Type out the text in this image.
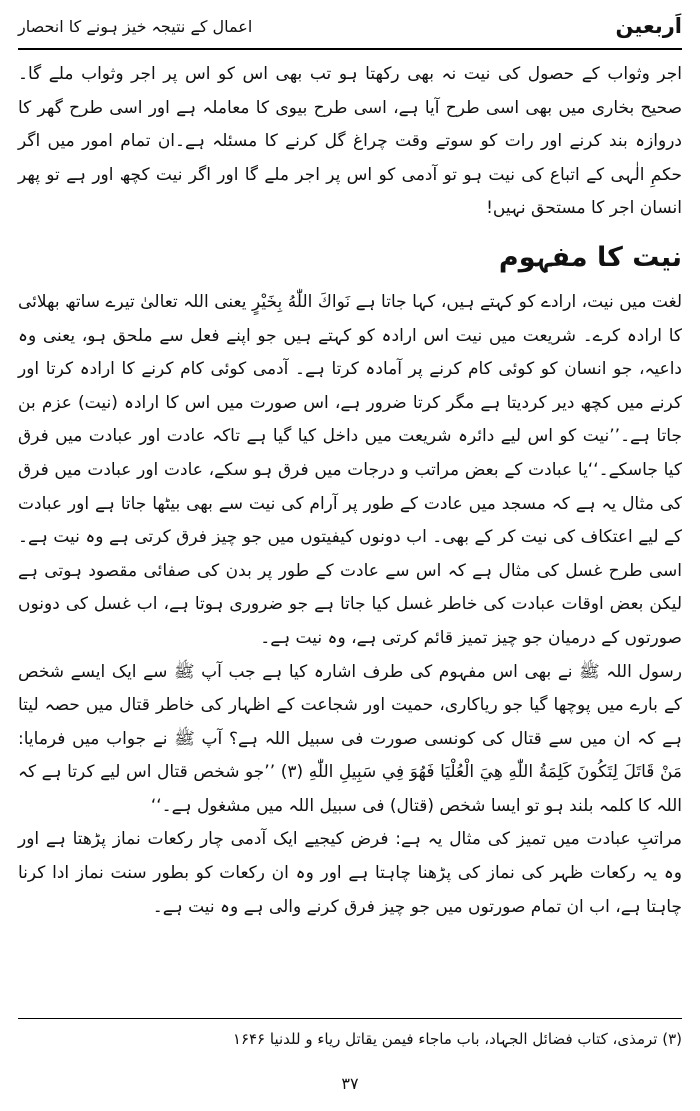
اَربعین
اعمال کے نتیجہ خیز ہونے کا انحصار

اجر وثواب کے حصول کی نیت نہ بھی رکھتا ہو تب بھی اس کو اس پر اجر وثواب ملے گا۔صحیح بخاری میں بھی اسی طرح آیا ہے، اسی طرح بیوی کا معاملہ ہے اور اسی طرح گھر کا دروازہ بند کرنے اور رات کو سوتے وقت چراغ گل کرنے کا مسئلہ ہے۔ان تمام امور میں اگر حکمِ الٰہی کے اتباع کی نیت ہو تو آدمی کو اس پر اجر ملے گا اور اگر نیت کچھ اور ہے تو پھر انسان اجر کا مستحق نہیں!

نیت کا مفہوم

لغت میں نیت، ارادے کو کہتے ہیں، کہا جاتا ہے نَواكَ اللّٰهُ بِخَيْرٍ یعنی اللہ تعالیٰ تیرے ساتھ بھلائی کا ارادہ کرے۔ شریعت میں نیت اس ارادہ کو کہتے ہیں جو اپنے فعل سے ملحق ہو، یعنی وہ داعیہ، جو انسان کو کوئی کام کرنے پر آمادہ کرتا ہے۔ آدمی کوئی کام کرنے کا ارادہ کرتا اور کرنے میں کچھ دیر کردیتا ہے مگر کرتا ضرور ہے، اس صورت میں اس کا ارادہ (نیت) عزم بن جاتا ہے۔’’نیت کو اس لیے دائرہ شریعت میں داخل کیا گیا ہے تاکہ عادت اور عبادت میں فرق کیا جاسکے۔‘‘یا عبادت کے بعض مراتب و درجات میں فرق ہو سکے، عادت اور عبادت میں فرق کی مثال یہ ہے کہ مسجد میں عادت کے طور پر آرام کی نیت سے بھی بیٹھا جاتا ہے اور عبادت کے لیے اعتکاف کی نیت کر کے بھی۔ اب دونوں کیفیتوں میں جو چیز فرق کرتی ہے وہ نیت ہے۔ اسی طرح غسل کی مثال ہے کہ اس سے عادت کے طور پر بدن کی صفائی مقصود ہوتی ہے لیکن بعض اوقات عبادت کی خاطر غسل کیا جاتا ہے جو ضروری ہوتا ہے، اب غسل کی دونوں صورتوں کے درمیان جو چیز تمیز قائم کرتی ہے، وہ نیت ہے۔

رسول اللہ ﷺ نے بھی اس مفہوم کی طرف اشارہ کیا ہے جب آپ ﷺ سے ایک ایسے شخص کے بارے میں پوچھا گیا جو ریاکاری، حمیت اور شجاعت کے اظہار کی خاطر قتال میں حصہ لیتا ہے کہ ان میں سے قتال کی کونسی صورت فی سبیل اللہ ہے؟ آپ ﷺ نے جواب میں فرمایا: مَنْ قَاتَلَ لِتَكُونَ كَلِمَةُ اللّٰهِ هِيَ الْعُلْيَا فَهُوَ فِي سَبِيلِ اللّٰهِ (۳) ’’جو شخص قتال اس لیے کرتا ہے کہ اللہ کا کلمہ بلند ہو تو ایسا شخص (قتال) فی سبیل اللہ میں مشغول ہے۔‘‘

مراتبِ عبادت میں تمیز کی مثال یہ ہے: فرض کیجیے ایک آدمی چار رکعات نماز پڑھتا ہے اور وہ یہ رکعات ظہر کی نماز کی پڑھنا چاہتا ہے اور وہ ان رکعات کو بطور سنت نماز ادا کرنا چاہتا ہے، اب ان تمام صورتوں میں جو چیز فرق کرنے والی ہے وہ نیت ہے۔

(۳) ترمذی، کتاب فضائل الجہاد، باب ماجاء فیمن یقاتل ریاء و للدنیا ۱۶۴۶
۳۷
